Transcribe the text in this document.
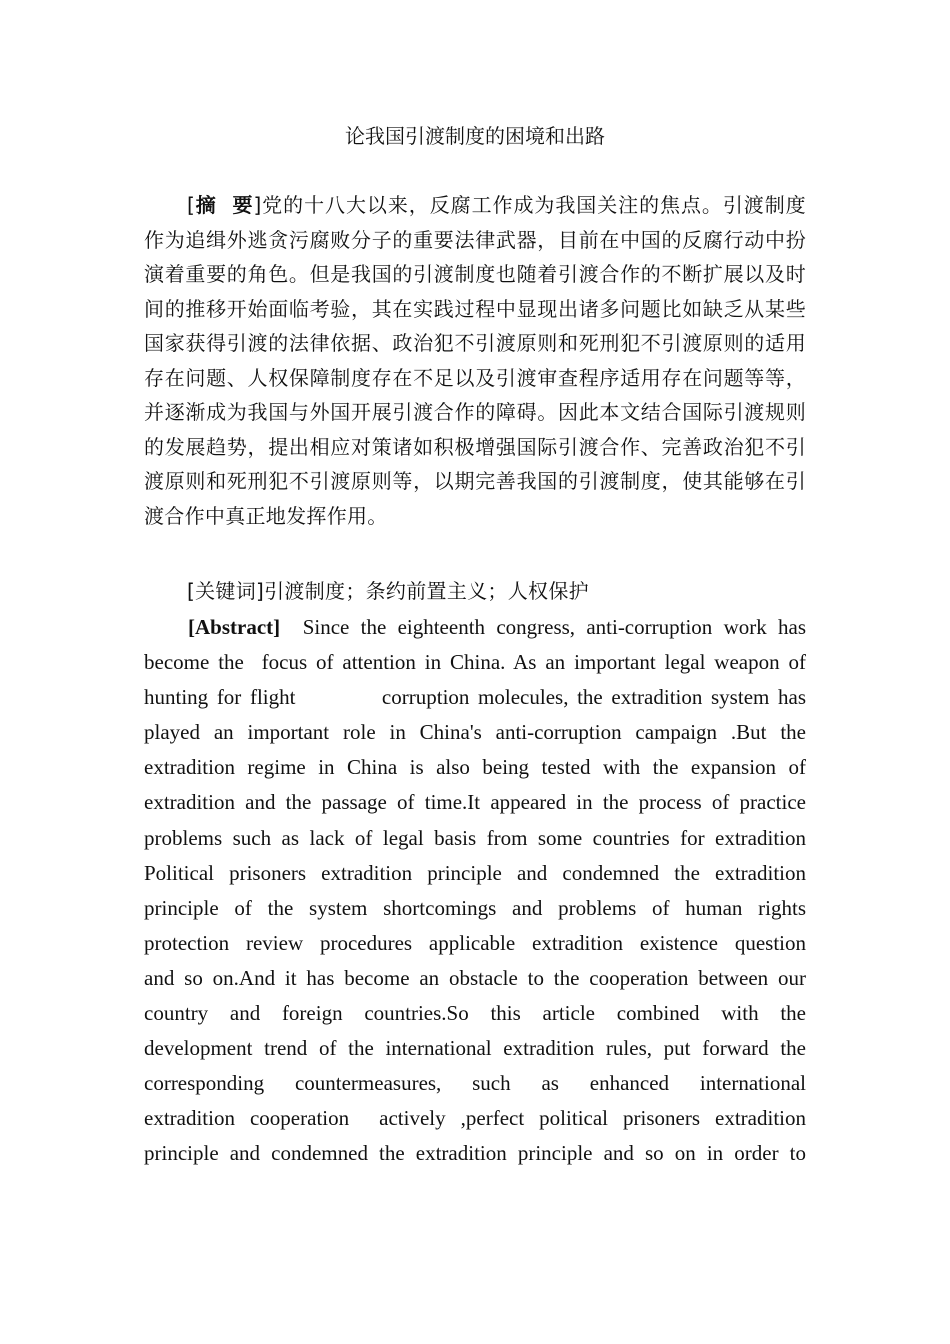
论我国引渡制度的困境和出路

[摘  要]党的十八大以来，反腐工作成为我国关注的焦点。引渡制度作为追缉外逃贪污腐败分子的重要法律武器，目前在中国的反腐行动中扮演着重要的角色。但是我国的引渡制度也随着引渡合作的不断扩展以及时间的推移开始面临考验，其在实践过程中显现出诸多问题比如缺乏从某些国家获得引渡的法律依据、政治犯不引渡原则和死刑犯不引渡原则的适用存在问题、人权保障制度存在不足以及引渡审查程序适用存在问题等等，并逐渐成为我国与外国开展引渡合作的障碍。因此本文结合国际引渡规则的发展趋势，提出相应对策诸如积极增强国际引渡合作、完善政治犯不引渡原则和死刑犯不引渡原则等，以期完善我国的引渡制度，使其能够在引渡合作中真正地发挥作用。

[关键词]引渡制度；条约前置主义；人权保护

[Abstract] Since the eighteenth congress, anti-corruption work has
become the  focus of attention in China. As an important legal weapon of
hunting for flight          corruption molecules, the extradition system has
played an important role in China's anti-corruption campaign .But the
extradition regime in China is also being tested with the expansion of
extradition and the passage of time.It appeared in the process of practice
problems such as lack of legal basis from some countries for extradition
Political prisoners extradition principle and condemned the extradition
principle of the system shortcomings and problems of human rights
protection review procedures applicable extradition existence question
and so on.And it has become an obstacle to the cooperation between our
country and foreign countries.So this article combined with the
development trend of the international extradition rules, put forward the
corresponding countermeasures, such as enhanced international
extradition cooperation  actively ,perfect political prisoners extradition
principle and condemned the extradition principle and so on in order to
